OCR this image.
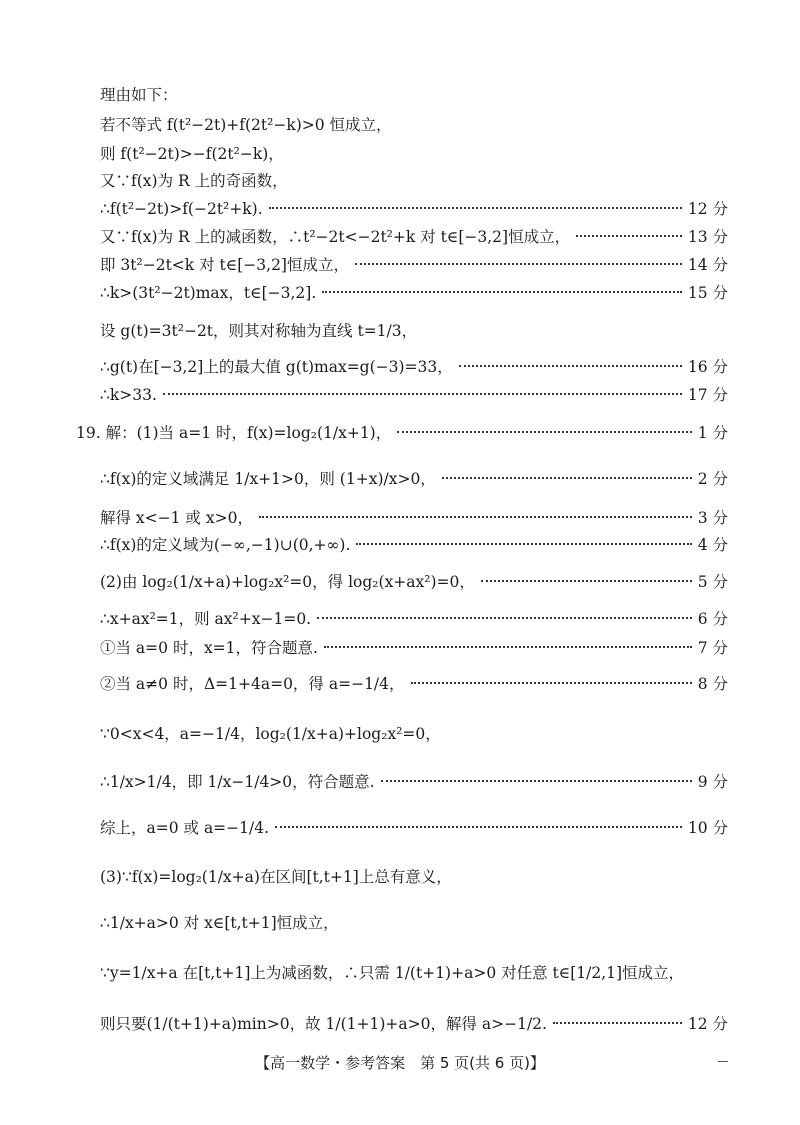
理由如下：
若不等式 f(t²−2t)+f(2t²−k)>0 恒成立，
则 f(t²−2t)>−f(2t²−k)，
又∵f(x)为 R 上的奇函数，
∴f(t²−2t)>f(−2t²+k).	12 分
又∵f(x)为 R 上的减函数，∴t²−2t<−2t²+k 对 t∈[−3,2]恒成立，	13 分
即 3t²−2t<k 对 t∈[−3,2]恒成立，	14 分
∴k>(3t²−2t)max，t∈[−3,2].	15 分
设 g(t)=3t²−2t，则其对称轴为直线 t=1/3，
∴g(t)在[−3,2]上的最大值 g(t)max=g(−3)=33，	16 分
∴k>33.	17 分
19. 解：(1)当 a=1 时，f(x)=log₂(1/x+1)，	1 分
∴f(x)的定义域满足 1/x+1>0，则 (1+x)/x>0，	2 分
解得 x<−1 或 x>0，	3 分
∴f(x)的定义域为(−∞,−1)∪(0,+∞).	4 分
(2)由 log₂(1/x+a)+log₂x²=0，得 log₂(x+ax²)=0，	5 分
∴x+ax²=1，则 ax²+x−1=0.	6 分
①当 a=0 时，x=1，符合题意.	7 分
②当 a≠0 时，Δ=1+4a=0，得 a=−1/4，	8 分
∵0<x<4，a=−1/4，log₂(1/x+a)+log₂x²=0，
∴1/x>1/4，即 1/x−1/4>0，符合题意.	9 分
综上，a=0 或 a=−1/4.	10 分
(3)∵f(x)=log₂(1/x+a)在区间[t,t+1]上总有意义，
∴1/x+a>0 对 x∈[t,t+1]恒成立，
∵y=1/x+a 在[t,t+1]上为减函数，∴只需 1/(t+1)+a>0 对任意 t∈[1/2,1]恒成立，
则只要(1/(t+1)+a)min>0，故 1/(1+1)+a>0，解得 a>−1/2.	12 分
【高一数学・参考答案　第 5 页(共 6 页)】
